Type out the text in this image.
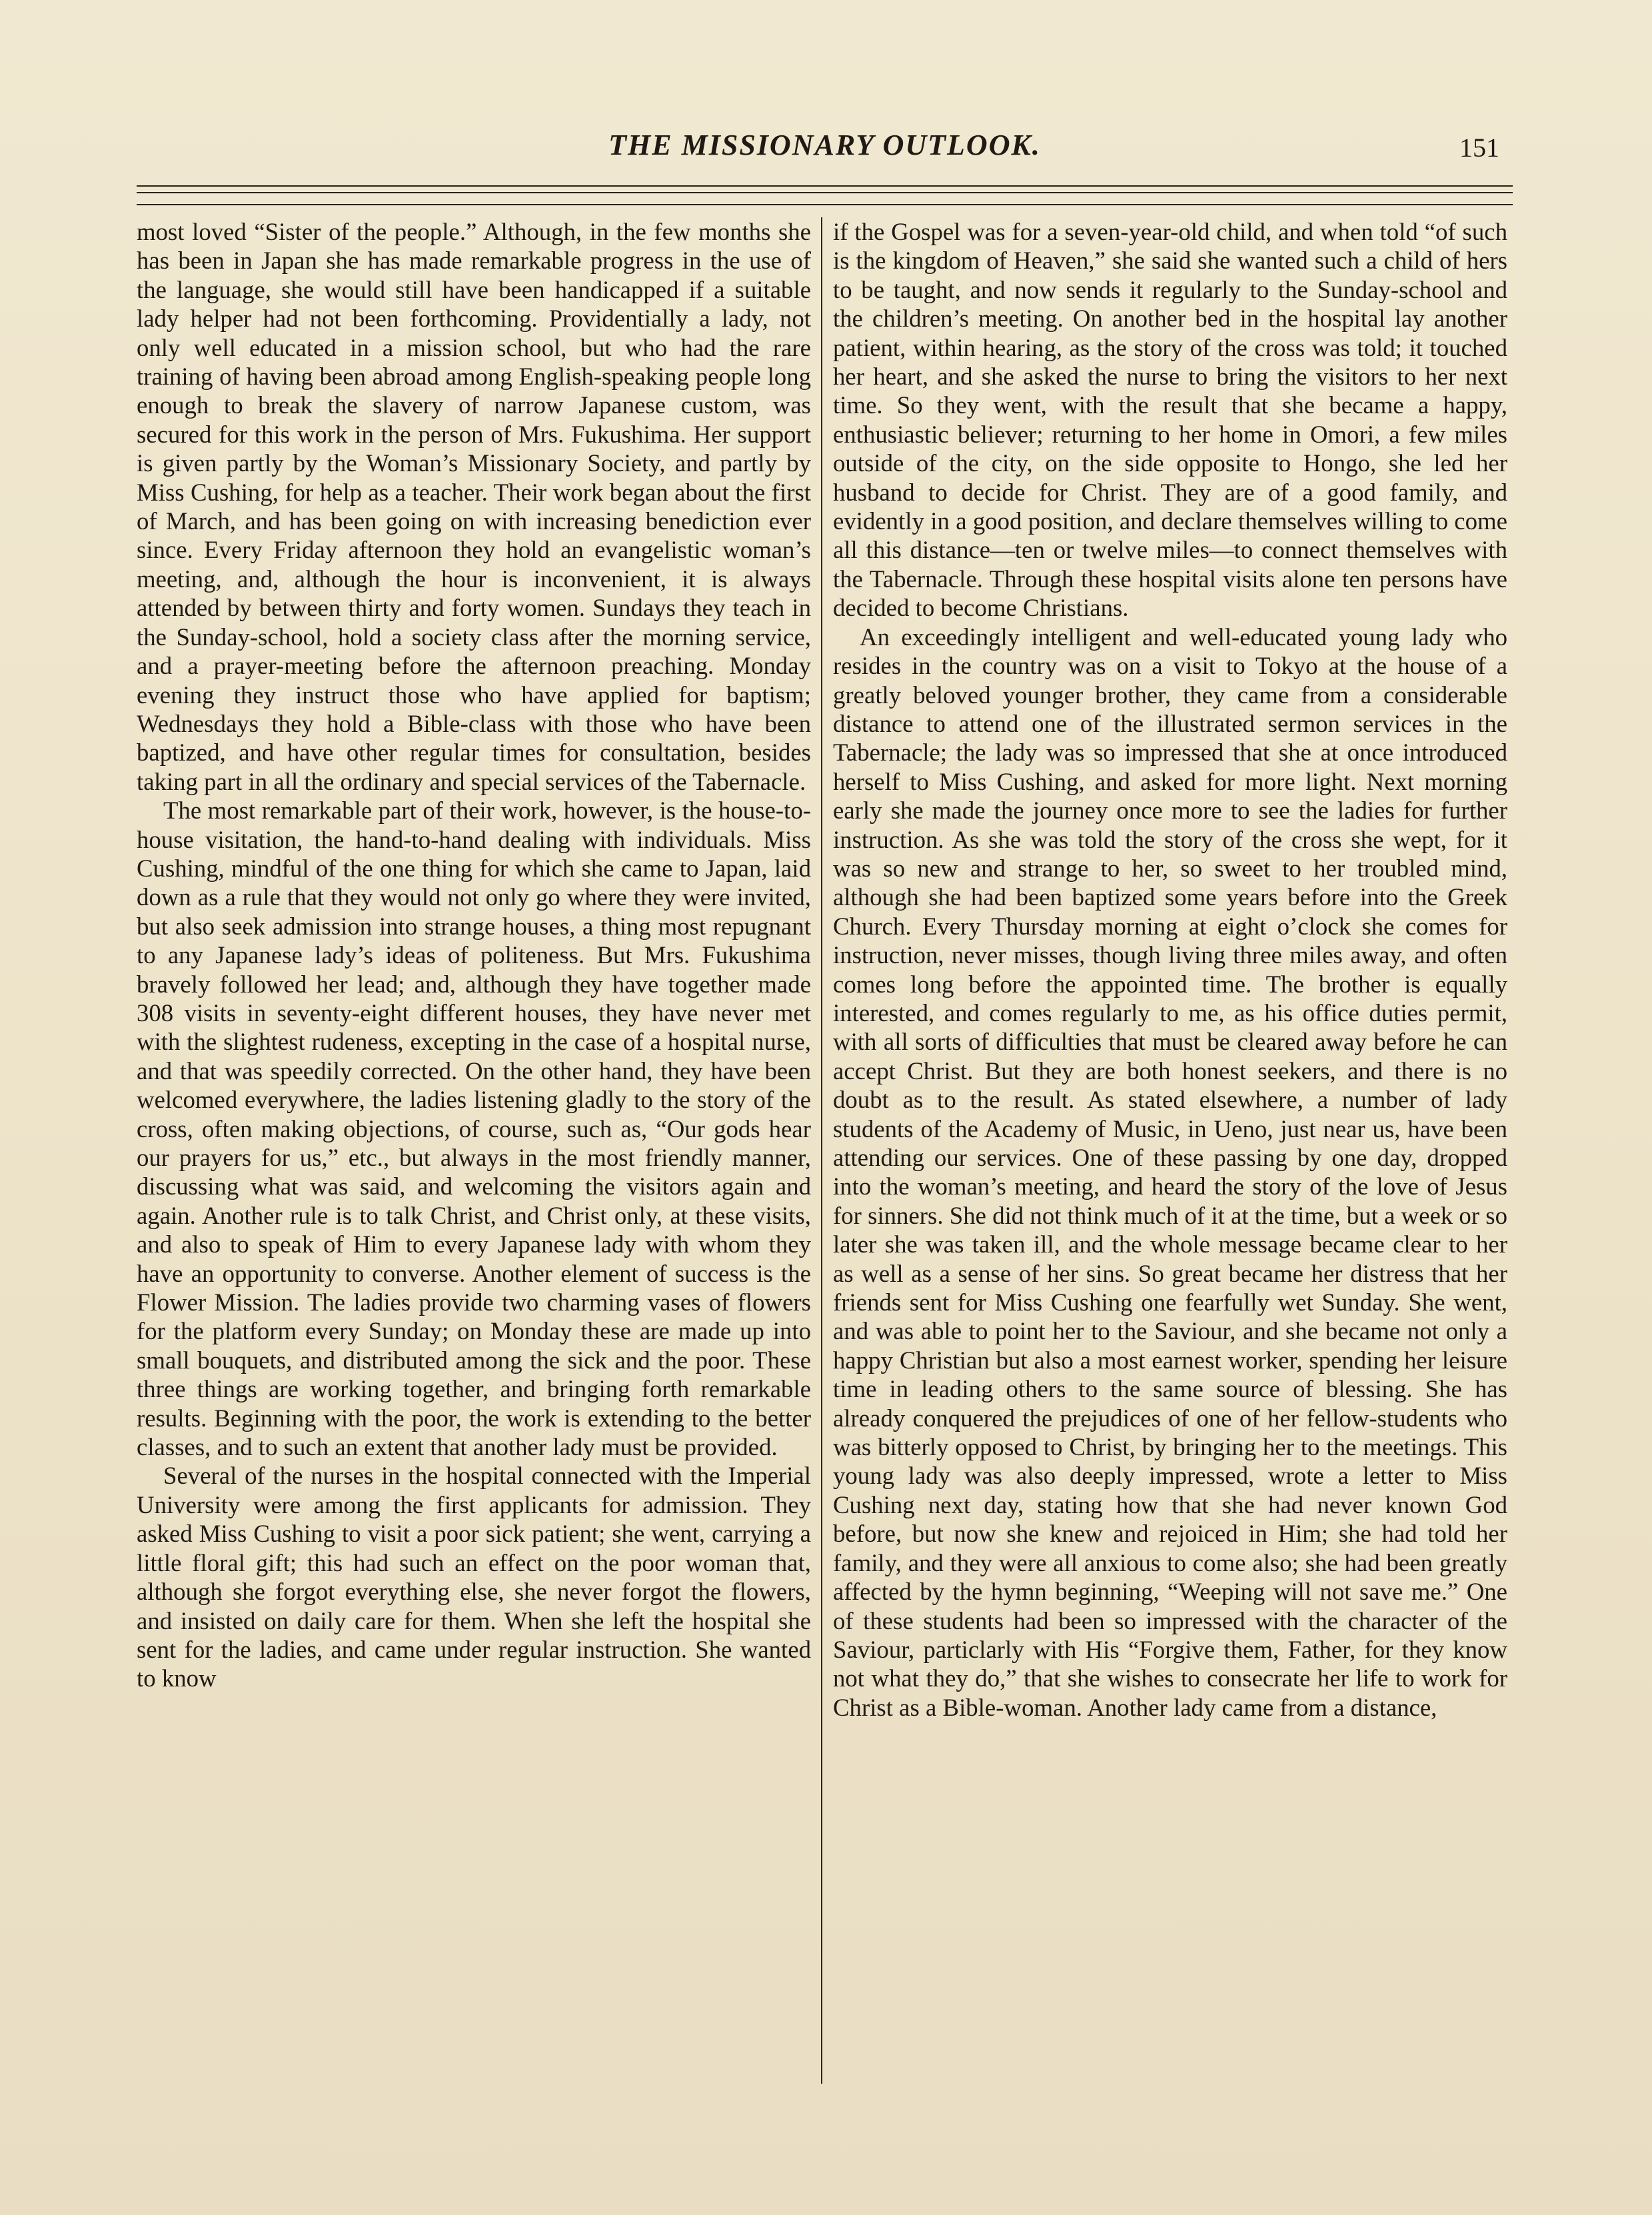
THE MISSIONARY OUTLOOK.	151

most loved “Sister of the people.” Although, in the few months she has been in Japan she has made remarkable progress in the use of the language, she would still have been handicapped if a suitable lady helper had not been forthcoming. Providentially a lady, not only well educated in a mission school, but who had the rare training of having been abroad among English-speaking people long enough to break the slavery of narrow Japanese custom, was secured for this work in the person of Mrs. Fukushima. Her support is given partly by the Woman’s Missionary Society, and partly by Miss Cushing, for help as a teacher. Their work began about the first of March, and has been going on with increasing benediction ever since. Every Friday afternoon they hold an evangelistic woman’s meeting, and, although the hour is inconvenient, it is always attended by between thirty and forty women. Sundays they teach in the Sunday-school, hold a society class after the morning service, and a prayer-meeting before the afternoon preaching. Monday evening they instruct those who have applied for baptism; Wednesdays they hold a Bible-class with those who have been baptized, and have other regular times for consultation, besides taking part in all the ordinary and special services of the Tabernacle.

The most remarkable part of their work, however, is the house-to-house visitation, the hand-to-hand dealing with individuals. Miss Cushing, mindful of the one thing for which she came to Japan, laid down as a rule that they would not only go where they were invited, but also seek admission into strange houses, a thing most repugnant to any Japanese lady’s ideas of politeness. But Mrs. Fukushima bravely followed her lead; and, although they have together made 308 visits in seventy-eight different houses, they have never met with the slightest rudeness, excepting in the case of a hospital nurse, and that was speedily corrected. On the other hand, they have been welcomed everywhere, the ladies listening gladly to the story of the cross, often making objections, of course, such as, “Our gods hear our prayers for us,” etc., but always in the most friendly manner, discussing what was said, and welcoming the visitors again and again. Another rule is to talk Christ, and Christ only, at these visits, and also to speak of Him to every Japanese lady with whom they have an opportunity to converse. Another element of success is the Flower Mission. The ladies provide two charming vases of flowers for the platform every Sunday; on Monday these are made up into small bouquets, and distributed among the sick and the poor. These three things are working together, and bringing forth remarkable results. Beginning with the poor, the work is extending to the better classes, and to such an extent that another lady must be provided.

Several of the nurses in the hospital connected with the Imperial University were among the first applicants for admission. They asked Miss Cushing to visit a poor sick patient; she went, carrying a little floral gift; this had such an effect on the poor woman that, although she forgot everything else, she never forgot the flowers, and insisted on daily care for them. When she left the hospital she sent for the ladies, and came under regular instruction. She wanted to know

if the Gospel was for a seven-year-old child, and when told “of such is the kingdom of Heaven,” she said she wanted such a child of hers to be taught, and now sends it regularly to the Sunday-school and the children’s meeting. On another bed in the hospital lay another patient, within hearing, as the story of the cross was told; it touched her heart, and she asked the nurse to bring the visitors to her next time. So they went, with the result that she became a happy, enthusiastic believer; returning to her home in Omori, a few miles outside of the city, on the side opposite to Hongo, she led her husband to decide for Christ. They are of a good family, and evidently in a good position, and declare themselves willing to come all this distance—ten or twelve miles—to connect themselves with the Tabernacle. Through these hospital visits alone ten persons have decided to become Christians.

An exceedingly intelligent and well-educated young lady who resides in the country was on a visit to Tokyo at the house of a greatly beloved younger brother, they came from a considerable distance to attend one of the illustrated sermon services in the Tabernacle; the lady was so impressed that she at once introduced herself to Miss Cushing, and asked for more light. Next morning early she made the journey once more to see the ladies for further instruction. As she was told the story of the cross she wept, for it was so new and strange to her, so sweet to her troubled mind, although she had been baptized some years before into the Greek Church. Every Thursday morning at eight o’clock she comes for instruction, never misses, though living three miles away, and often comes long before the appointed time. The brother is equally interested, and comes regularly to me, as his office duties permit, with all sorts of difficulties that must be cleared away before he can accept Christ. But they are both honest seekers, and there is no doubt as to the result. As stated elsewhere, a number of lady students of the Academy of Music, in Ueno, just near us, have been attending our services. One of these passing by one day, dropped into the woman’s meeting, and heard the story of the love of Jesus for sinners. She did not think much of it at the time, but a week or so later she was taken ill, and the whole message became clear to her as well as a sense of her sins. So great became her distress that her friends sent for Miss Cushing one fearfully wet Sunday. She went, and was able to point her to the Saviour, and she became not only a happy Christian but also a most earnest worker, spending her leisure time in leading others to the same source of blessing. She has already conquered the prejudices of one of her fellow-students who was bitterly opposed to Christ, by bringing her to the meetings. This young lady was also deeply impressed, wrote a letter to Miss Cushing next day, stating how that she had never known God before, but now she knew and rejoiced in Him; she had told her family, and they were all anxious to come also; she had been greatly affected by the hymn beginning, “Weeping will not save me.” One of these students had been so impressed with the character of the Saviour, particlarly with His “Forgive them, Father, for they know not what they do,” that she wishes to consecrate her life to work for Christ as a Bible-woman. Another lady came from a distance,
